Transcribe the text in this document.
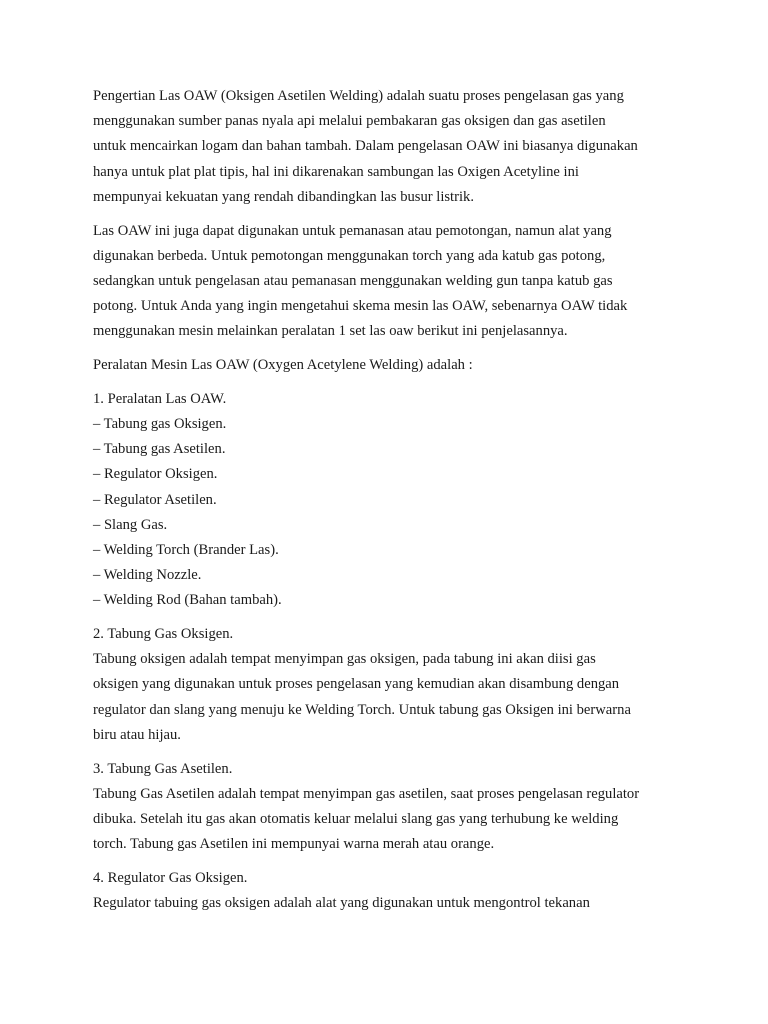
Pengertian Las OAW (Oksigen Asetilen Welding) adalah suatu proses pengelasan gas yang
menggunakan sumber panas nyala api melalui pembakaran gas oksigen dan gas asetilen
untuk mencairkan logam dan bahan tambah. Dalam pengelasan OAW ini biasanya digunakan
hanya untuk plat plat tipis, hal ini dikarenakan sambungan las Oxigen Acetyline ini
mempunyai kekuatan yang rendah dibandingkan las busur listrik.

Las OAW ini juga dapat digunakan untuk pemanasan atau pemotongan, namun alat yang
digunakan berbeda. Untuk pemotongan menggunakan torch yang ada katub gas potong,
sedangkan untuk pengelasan atau pemanasan menggunakan welding gun tanpa katub gas
potong. Untuk Anda yang ingin mengetahui skema mesin las OAW, sebenarnya OAW tidak
menggunakan mesin melainkan peralatan 1 set las oaw berikut ini penjelasannya.

Peralatan Mesin Las OAW (Oxygen Acetylene Welding) adalah :

1. Peralatan Las OAW.
– Tabung gas Oksigen.
– Tabung gas Asetilen.
– Regulator Oksigen.
– Regulator Asetilen.
– Slang Gas.
– Welding Torch (Brander Las).
– Welding Nozzle.
– Welding Rod (Bahan tambah).

2. Tabung Gas Oksigen.
Tabung oksigen adalah tempat menyimpan gas oksigen, pada tabung ini akan diisi gas
oksigen yang digunakan untuk proses pengelasan yang kemudian akan disambung dengan
regulator dan slang yang menuju ke Welding Torch. Untuk tabung gas Oksigen ini berwarna
biru atau hijau.

3. Tabung Gas Asetilen.
Tabung Gas Asetilen adalah tempat menyimpan gas asetilen, saat proses pengelasan regulator
dibuka. Setelah itu gas akan otomatis keluar melalui slang gas yang terhubung ke welding
torch. Tabung gas Asetilen ini mempunyai warna merah atau orange.

4. Regulator Gas Oksigen.
Regulator tabuing gas oksigen adalah alat yang digunakan untuk mengontrol tekanan
